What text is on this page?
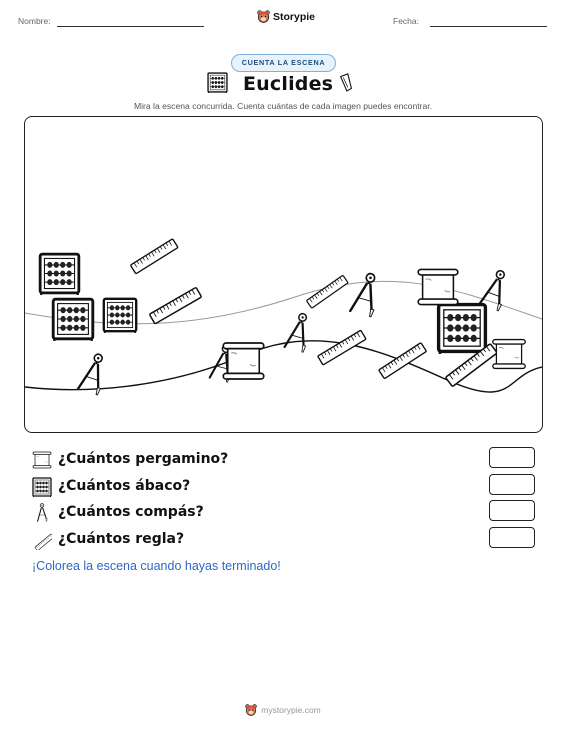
Nombre:	Storypie	Fecha:
CUENTA LA ESCENA
Euclides
Mira la escena concurrida. Cuenta cuántas de cada imagen puedes encontrar.
¿Cuántos pergamino?
¿Cuántos ábaco?
¿Cuántos compás?
¿Cuántos regla?
¡Colorea la escena cuando hayas terminado!
mystorypie.com
